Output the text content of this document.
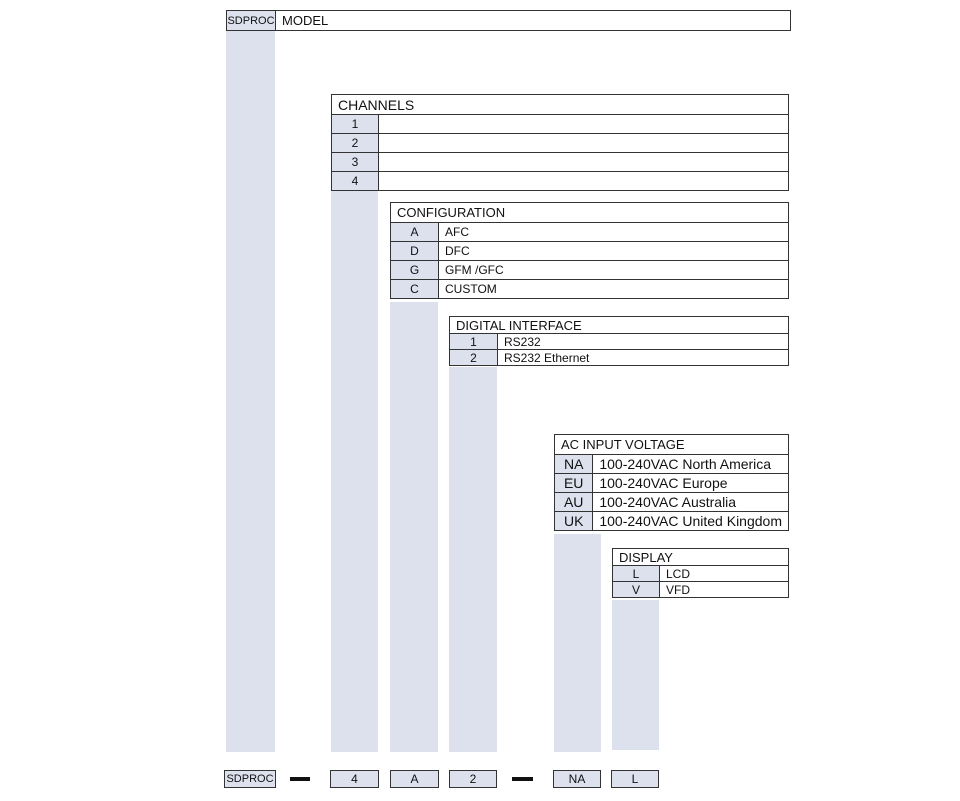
SDPROC	MODEL
CHANNELS	
1	
2	
3	
4	
CONFIGURATION	
A	AFC
D	DFC
G	GFM /GFC
C	CUSTOM
DIGITAL INTERFACE	
1	RS232
2	RS232 Ethernet
AC INPUT VOLTAGE	
NA	100-240VAC North America
EU	100-240VAC Europe
AU	100-240VAC Australia
UK	100-240VAC United Kingdom
DISPLAY	
L	LCD
V	VFD
SDPROC	4	A	2	NA	L
